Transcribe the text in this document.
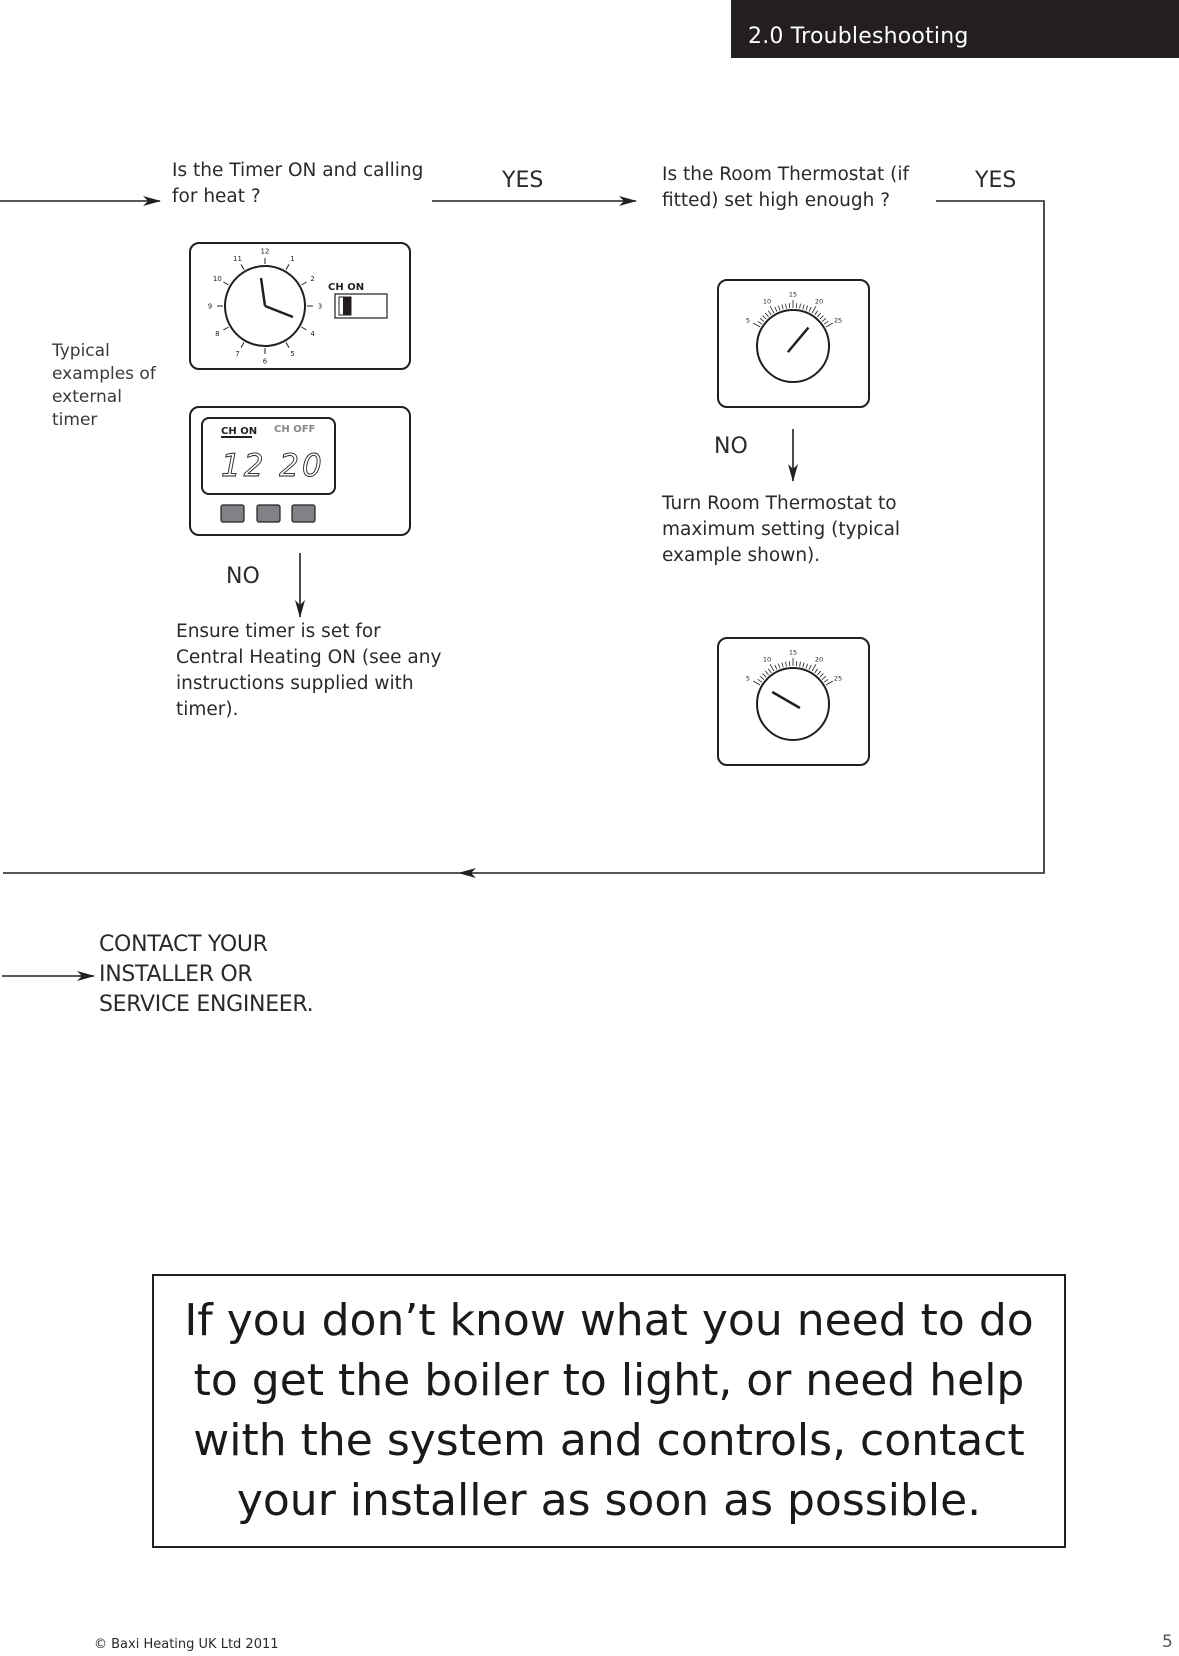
2.0 Troubleshooting
Is the Timer ON and calling for heat ?
YES	Is the Room Thermostat (if fitted) set high enough ?
YES
Typical examples of external timer
NO
Ensure timer is set for Central Heating ON (see any instructions supplied with timer).
NO
Turn Room Thermostat to maximum setting (typical example shown).
12
1
2
3
4
5
6
7
8
9
10
11
CH ON
CH ON CH OFF
12 20
5
10
15
20
25
5
10
15
20
25
CONTACT YOUR
INSTALLER OR
SERVICE ENGINEER.
If you don’t know what you need to do to get the boiler to light, or need help with the system and controls, contact your installer as soon as possible.
© Baxi Heating UK Ltd 2011	5
